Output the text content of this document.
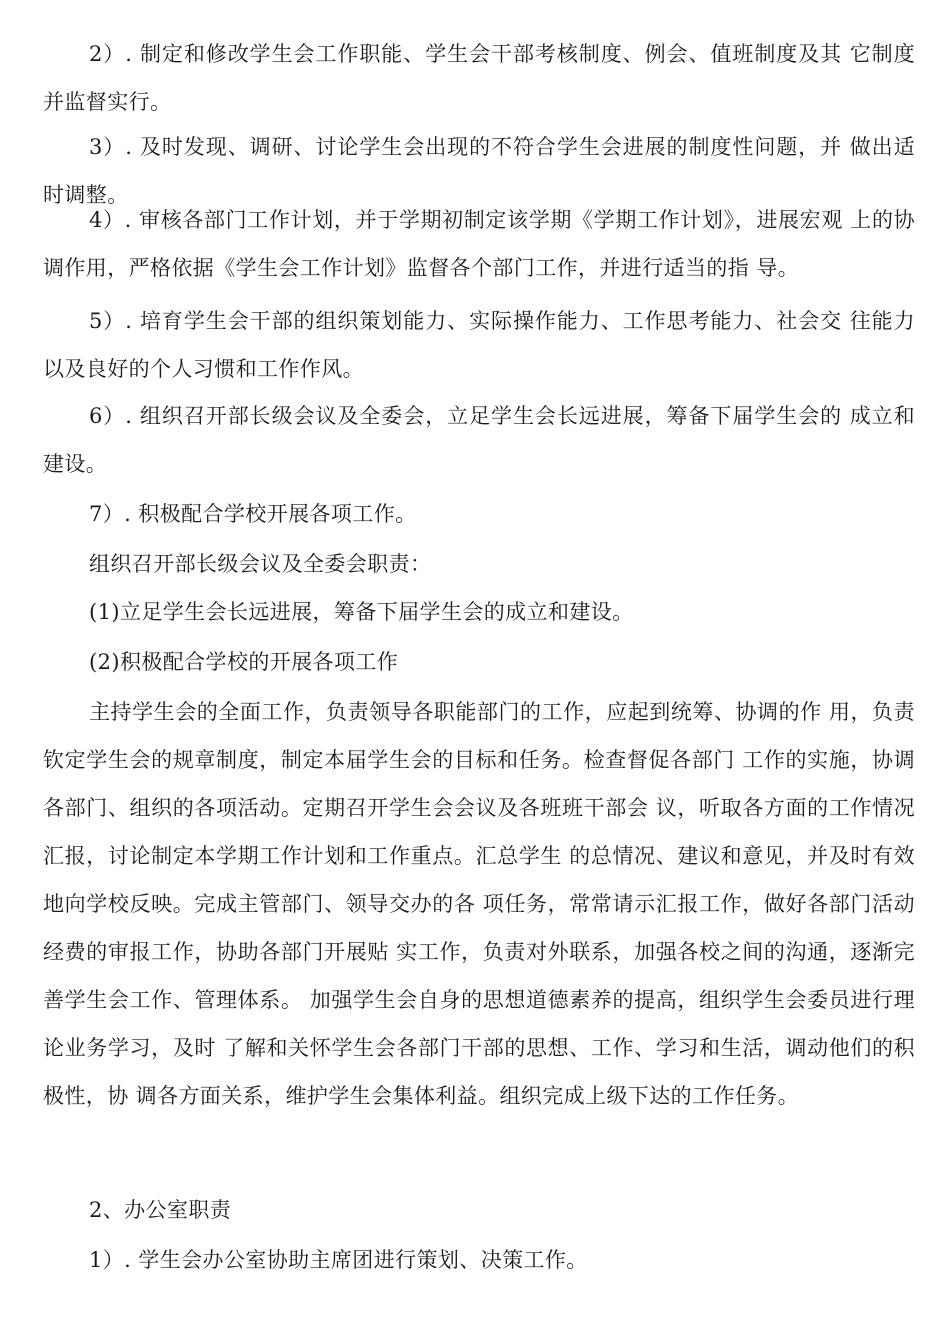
2）. 制定和修改学生会工作职能、学生会干部考核制度、例会、值班制度及其 它制度并监督实行。

3）. 及时发现、调研、讨论学生会出现的不符合学生会进展的制度性问题，并 做出适时调整。

4）. 审核各部门工作计划，并于学期初制定该学期《学期工作计划》，进展宏观 上的协调作用，严格依据《学生会工作计划》监督各个部门工作，并进行适当的指 导。

5）. 培育学生会干部的组织策划能力、实际操作能力、工作思考能力、社会交 往能力以及良好的个人习惯和工作作风。

6）. 组织召开部长级会议及全委会，立足学生会长远进展，筹备下届学生会的 成立和建设。

7）. 积极配合学校开展各项工作。

组织召开部长级会议及全委会职责：

(1)立足学生会长远进展，筹备下届学生会的成立和建设。

(2)积极配合学校的开展各项工作

主持学生会的全面工作，负责领导各职能部门的工作，应起到统筹、协调的作 用，负责钦定学生会的规章制度，制定本届学生会的目标和任务。检查督促各部门 工作的实施，协调各部门、组织的各项活动。定期召开学生会会议及各班班干部会 议，听取各方面的工作情况汇报，讨论制定本学期工作计划和工作重点。汇总学生 的总情况、建议和意见，并及时有效地向学校反映。完成主管部门、领导交办的各 项任务，常常请示汇报工作，做好各部门活动经费的审报工作，协助各部门开展贴 实工作，负责对外联系，加强各校之间的沟通，逐渐完善学生会工作、管理体系。 加强学生会自身的思想道德素养的提高，组织学生会委员进行理论业务学习，及时 了解和关怀学生会各部门干部的思想、工作、学习和生活，调动他们的积极性，协 调各方面关系，维护学生会集体利益。组织完成上级下达的工作任务。

2、办公室职责

1）. 学生会办公室协助主席团进行策划、决策工作。
